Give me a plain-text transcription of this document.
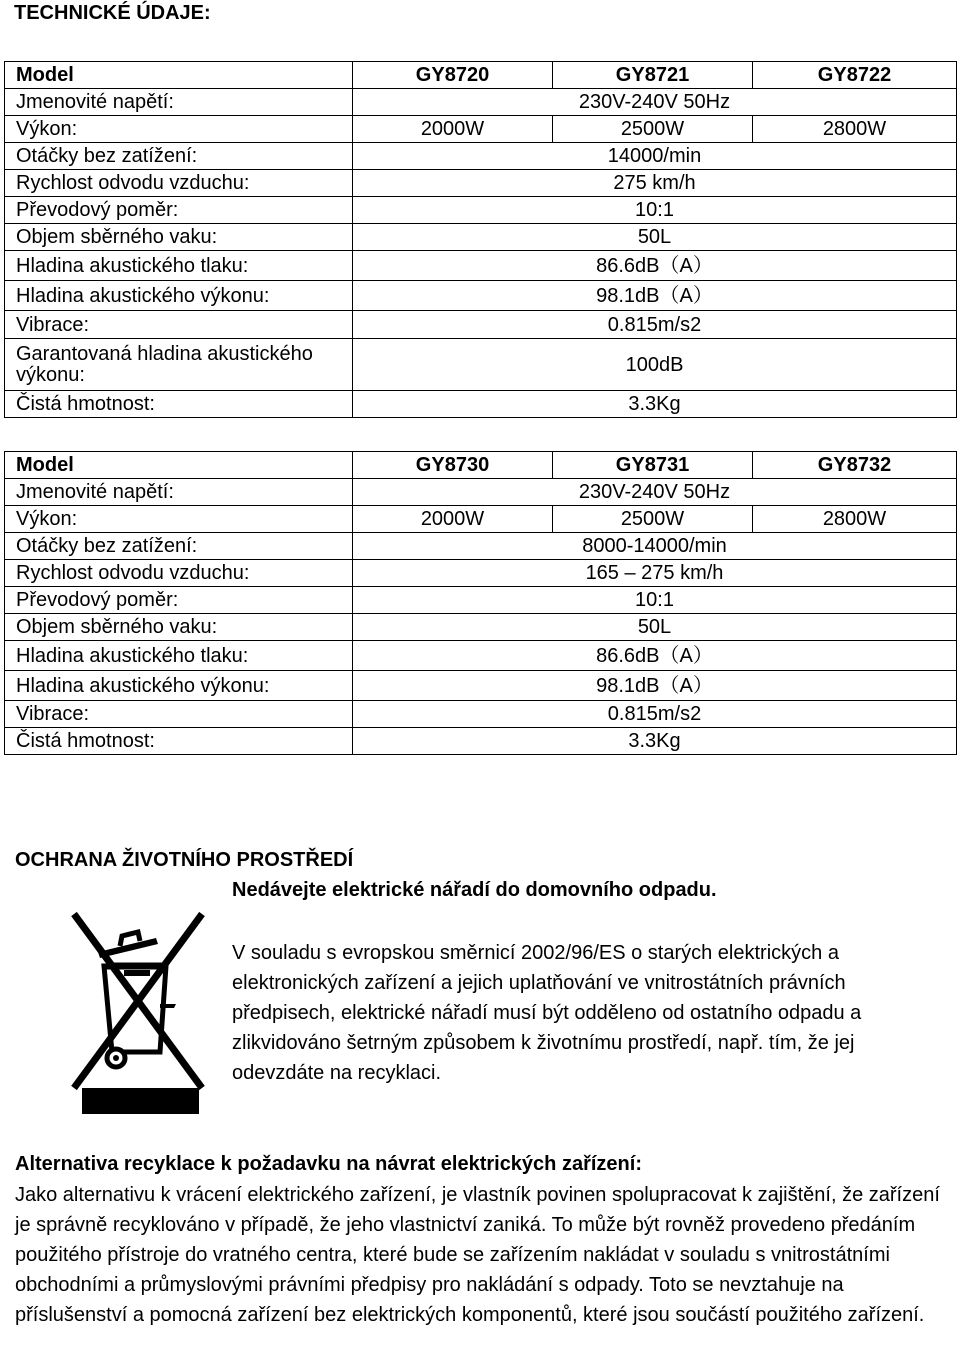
TECHNICKÉ ÚDAJE:
Model	GY8720	GY8721	GY8722
Jmenovité napětí:	230V-240V 50Hz		
Výkon:	2000W	2500W	2800W
Otáčky bez zatížení:	14000/min		
Rychlost odvodu vzduchu:	275 km/h		
Převodový poměr:	10:1		
Objem sběrného vaku:	50L		
Hladina akustického tlaku:	86.6dB（A）		
Hladina akustického výkonu:	98.1dB（A）		
Vibrace:	0.815m/s2		
Garantovaná hladina akustického výkonu:	100dB		
Čistá hmotnost:	3.3Kg		
Model	GY8730	GY8731	GY8732
Jmenovité napětí:	230V-240V 50Hz		
Výkon:	2000W	2500W	2800W
Otáčky bez zatížení:	8000-14000/min		
Rychlost odvodu vzduchu:	165 – 275 km/h		
Převodový poměr:	10:1		
Objem sběrného vaku:	50L		
Hladina akustického tlaku:	86.6dB（A）		
Hladina akustického výkonu:	98.1dB（A）		
Vibrace:	0.815m/s2		
Čistá hmotnost:	3.3Kg		
OCHRANA ŽIVOTNÍHO PROSTŘEDÍ
Nedávejte elektrické nářadí do domovního odpadu.
V souladu s evropskou směrnicí 2002/96/ES o starých elektrických a elektronických zařízení a jejich uplatňování ve vnitrostátních právních předpisech, elektrické nářadí musí být odděleno od ostatního odpadu a zlikvidováno šetrným způsobem k životnímu prostředí, např. tím, že jej odevzdáte na recyklaci.
Alternativa recyklace k požadavku na návrat elektrických zařízení:
Jako alternativu k vrácení elektrického zařízení, je vlastník povinen spolupracovat k zajištění, že zařízení je správně recyklováno v případě, že jeho vlastnictví zaniká. To může být rovněž provedeno předáním použitého přístroje do vratného centra, které bude se zařízením nakládat v souladu s vnitrostátními obchodními a průmyslovými právními předpisy pro nakládání s odpady. Toto se nevztahuje na příslušenství a pomocná zařízení bez elektrických komponentů, které jsou součástí použitého zařízení.
